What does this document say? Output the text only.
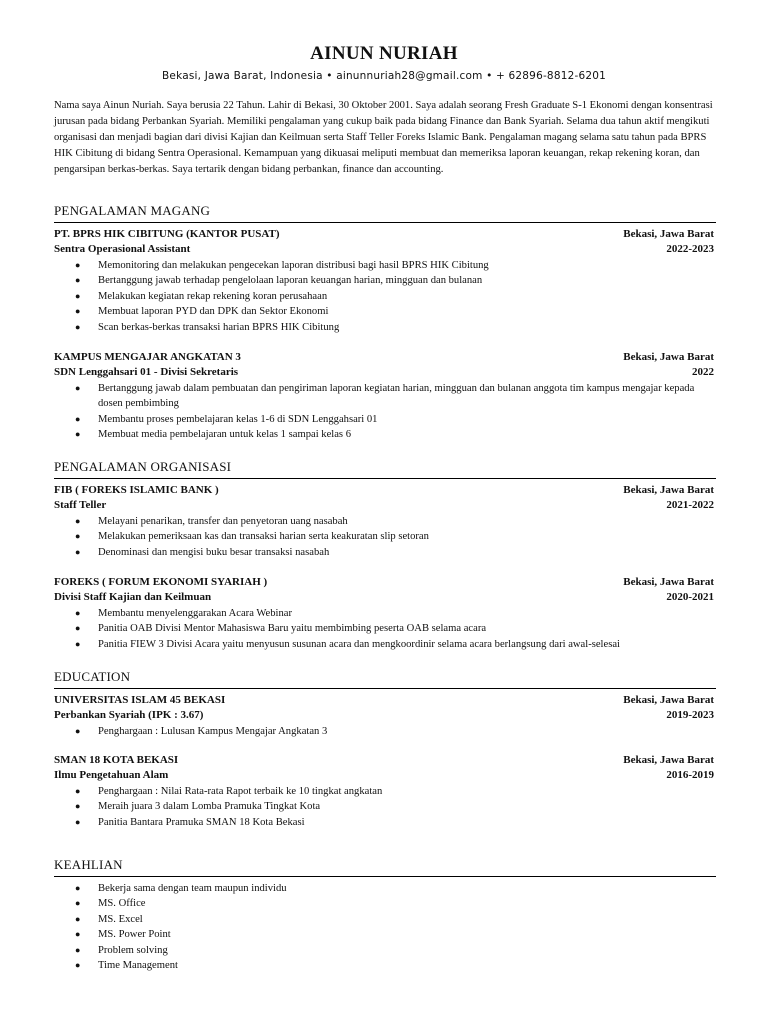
AINUN NURIAH
Bekasi, Jawa Barat, Indonesia • ainunnuriah28@gmail.com • + 62896-8812-6201

Nama saya Ainun Nuriah. Saya berusia 22 Tahun. Lahir di Bekasi, 30 Oktober 2001. Saya adalah seorang Fresh Graduate S-1 Ekonomi dengan konsentrasi jurusan pada bidang Perbankan Syariah. Memiliki pengalaman yang cukup baik pada bidang Finance dan Bank Syariah. Selama dua tahun aktif mengikuti organisasi dan menjadi bagian dari divisi Kajian dan Keilmuan serta Staff Teller Foreks Islamic Bank. Pengalaman magang selama satu tahun pada BPRS HIK Cibitung di bidang Sentra Operasional. Kemampuan yang dikuasai meliputi membuat dan memeriksa laporan keuangan, rekap rekening koran, dan pengarsipan berkas-berkas. Saya tertarik dengan bidang perbankan, finance dan accounting.

PENGALAMAN MAGANG
PT. BPRS HIK CIBITUNG (KANTOR PUSAT)	Bekasi, Jawa Barat
Sentra Operasional Assistant	2022-2023
● Memonitoring dan melakukan pengecekan laporan distribusi bagi hasil BPRS HIK Cibitung
● Bertanggung jawab terhadap pengelolaan laporan keuangan harian, mingguan dan bulanan
● Melakukan kegiatan rekap rekening koran perusahaan
● Membuat laporan PYD dan DPK dan Sektor Ekonomi
● Scan berkas-berkas transaksi harian BPRS HIK Cibitung
KAMPUS MENGAJAR ANGKATAN 3	Bekasi, Jawa Barat
SDN Lenggahsari 01 - Divisi Sekretaris	2022
● Bertanggung jawab dalam pembuatan dan pengiriman laporan kegiatan harian, mingguan dan bulanan anggota tim kampus mengajar kepada dosen pembimbing
● Membantu proses pembelajaran kelas 1-6 di SDN Lenggahsari 01
● Membuat media pembelajaran untuk kelas 1 sampai kelas 6
PENGALAMAN ORGANISASI
FIB ( FOREKS ISLAMIC BANK )	Bekasi, Jawa Barat
Staff Teller	2021-2022
● Melayani penarikan, transfer dan penyetoran uang nasabah
● Melakukan pemeriksaan kas dan transaksi harian serta keakuratan slip setoran
● Denominasi dan mengisi buku besar transaksi nasabah
FOREKS ( FORUM EKONOMI SYARIAH )	Bekasi, Jawa Barat
Divisi Staff Kajian dan Keilmuan	2020-2021
● Membantu menyelenggarakan Acara Webinar
● Panitia OAB Divisi Mentor Mahasiswa Baru yaitu membimbing peserta OAB selama acara
● Panitia FIEW 3 Divisi Acara yaitu menyusun susunan acara dan mengkoordinir selama acara berlangsung dari awal-selesai
EDUCATION
UNIVERSITAS ISLAM 45 BEKASI	Bekasi, Jawa Barat
Perbankan Syariah (IPK : 3.67)	2019-2023
● Penghargaan : Lulusan Kampus Mengajar Angkatan 3
SMAN 18 KOTA BEKASI	Bekasi, Jawa Barat
Ilmu Pengetahuan Alam	2016-2019
● Penghargaan : Nilai Rata-rata Rapot terbaik ke 10 tingkat angkatan
● Meraih juara 3 dalam Lomba Pramuka Tingkat Kota
● Panitia Bantara Pramuka SMAN 18 Kota Bekasi
KEAHLIAN
● Bekerja sama dengan team maupun individu
● MS. Office
● MS. Excel
● MS. Power Point
● Problem solving
● Time Management
